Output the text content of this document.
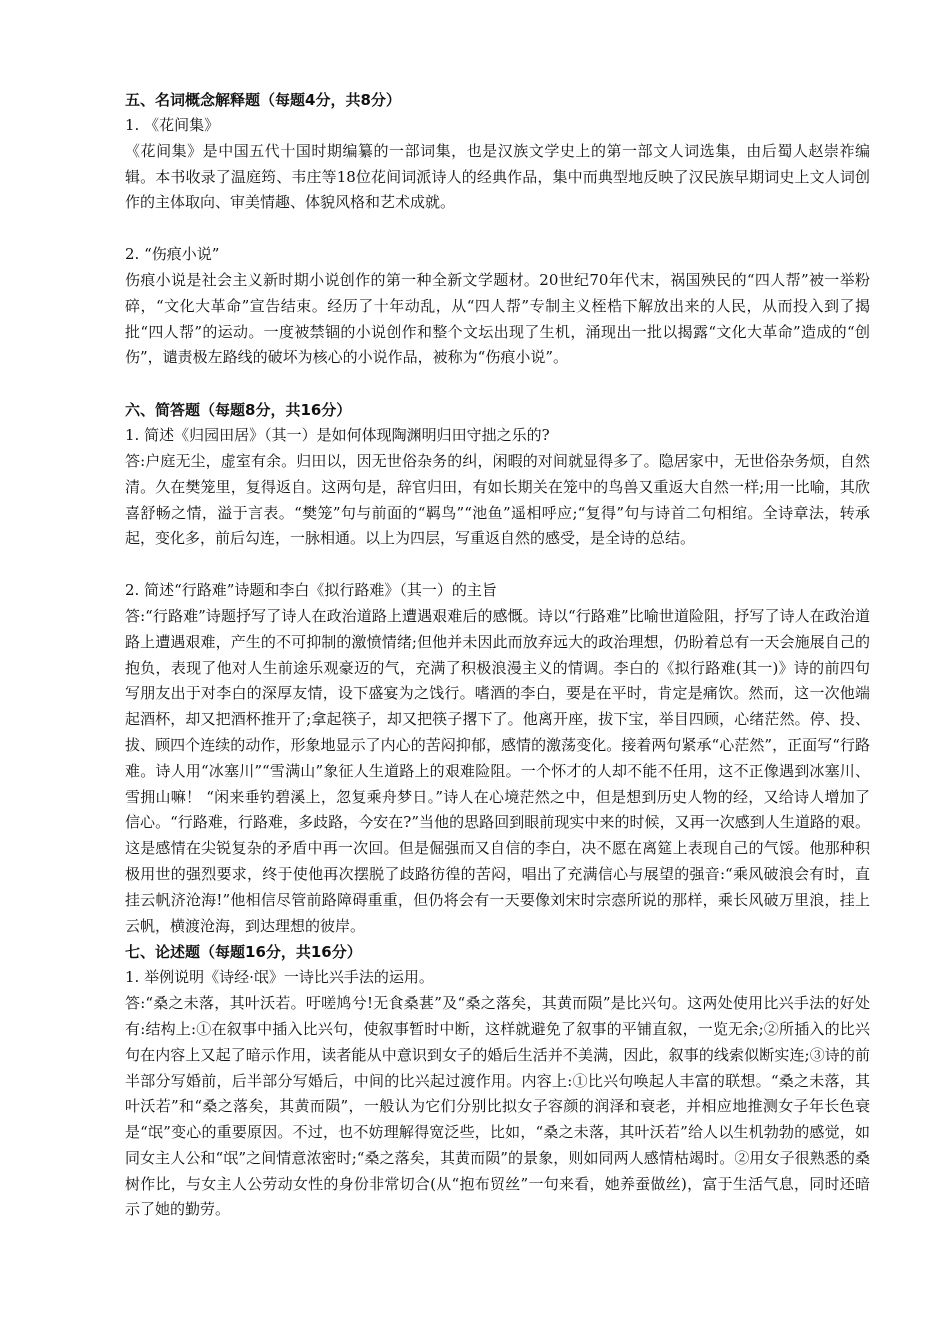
五、名词概念解释题（每题4分，共8分）

1. 《花间集》

《花间集》是中国五代十国时期编纂的一部词集，也是汉族文学史上的第一部文人词选集，由后蜀人赵崇祚编辑。本书收录了温庭筠、韦庄等18位花间词派诗人的经典作品，集中而典型地反映了汉民族早期词史上文人词创作的主体取向、审美情趣、体貌风格和艺术成就。

2. “伤痕小说”

伤痕小说是社会主义新时期小说创作的第一种全新文学题材。20世纪70年代末，祸国殃民的“四人帮”被一举粉碎，“文化大革命”宣告结束。经历了十年动乱，从“四人帮”专制主义桎梏下解放出来的人民，从而投入到了揭批“四人帮”的运动。一度被禁锢的小说创作和整个文坛出现了生机，涌现出一批以揭露“文化大革命”造成的“创伤”，谴责极左路线的破坏为核心的小说作品，被称为“伤痕小说”。

六、简答题（每题8分，共16分）

1. 简述《归园田居》（其一）是如何体现陶渊明归田守拙之乐的?

答:户庭无尘，虚室有余。归田以，因无世俗杂务的纠，闲暇的对间就显得多了。隐居家中，无世俗杂务烦，自然清。久在樊笼里，复得返自。这两句是，辞官归田，有如长期关在笼中的鸟兽又重返大自然一样;用一比喻，其欣喜舒畅之情，溢于言表。“樊笼”句与前面的“羁鸟”“池鱼”遥相呼应;“复得”句与诗首二句相绾。全诗章法，转承起，变化多，前后勾连，一脉相通。以上为四层，写重返自然的感受，是全诗的总结。

2. 简述“行路难”诗题和李白《拟行路难》（其一）的主旨

答:“行路难”诗题抒写了诗人在政治道路上遭遇艰难后的感慨。诗以“行路难”比喻世道险阻，抒写了诗人在政治道路上遭遇艰难，产生的不可抑制的激愤情绪;但他并未因此而放弃远大的政治理想，仍盼着总有一天会施展自己的抱负，表现了他对人生前途乐观豪迈的气，充满了积极浪漫主义的情调。李白的《拟行路难(其一)》诗的前四句写朋友出于对李白的深厚友情，设下盛宴为之饯行。嗜酒的李白，要是在平时，肯定是痛饮。然而，这一次他端起酒杯，却又把酒杯推开了;拿起筷子，却又把筷子撂下了。他离开座，拔下宝，举目四顾，心绪茫然。停、投、拔、顾四个连续的动作，形象地显示了内心的苦闷抑郁，感情的激荡变化。接着两句紧承“心茫然”，正面写“行路难。诗人用“冰塞川”“雪满山”象征人生道路上的艰难险阻。一个怀才的人却不能不任用，这不正像遇到冰塞川、雪拥山嘛！ “闲来垂钓碧溪上，忽复乘舟梦日。”诗人在心境茫然之中，但是想到历史人物的经，又给诗人增加了信心。“行路难，行路难，多歧路，今安在?”当他的思路回到眼前现实中来的时候，又再一次感到人生道路的艰。这是感情在尖锐复杂的矛盾中再一次回。但是倔强而又自信的李白，决不愿在离筵上表现自己的气馁。他那种积极用世的强烈要求，终于使他再次摆脱了歧路彷徨的苦闷，唱出了充满信心与展望的强音:“乘风破浪会有时，直挂云帆济沧海!”他相信尽管前路障碍重重，但仍将会有一天要像刘宋时宗悫所说的那样，乘长风破万里浪，挂上云帆，横渡沧海，到达理想的彼岸。

七、论述题（每题16分，共16分）

1. 举例说明《诗经·氓》一诗比兴手法的运用。

答:“桑之未落，其叶沃若。吁嗟鸠兮!无食桑葚”及“桑之落矣，其黄而陨”是比兴句。这两处使用比兴手法的好处有:结构上:①在叙事中插入比兴句，使叙事暂时中断，这样就避免了叙事的平铺直叙，一览无余;②所插入的比兴句在内容上又起了暗示作用，读者能从中意识到女子的婚后生活并不美满，因此，叙事的线索似断实连;③诗的前半部分写婚前，后半部分写婚后，中间的比兴起过渡作用。内容上:①比兴句唤起人丰富的联想。“桑之未落，其叶沃若”和“桑之落矣，其黄而陨”，一般认为它们分别比拟女子容颜的润泽和衰老，并相应地推测女子年长色衰是“氓”变心的重要原因。不过，也不妨理解得宽泛些，比如，“桑之未落，其叶沃若”给人以生机勃勃的感觉，如同女主人公和“氓”之间情意浓密时;“桑之落矣，其黄而陨”的景象，则如同两人感情枯竭时。②用女子很熟悉的桑树作比，与女主人公劳动女性的身份非常切合(从“抱布贸丝”一句来看，她养蚕做丝)，富于生活气息，同时还暗示了她的勤劳。
